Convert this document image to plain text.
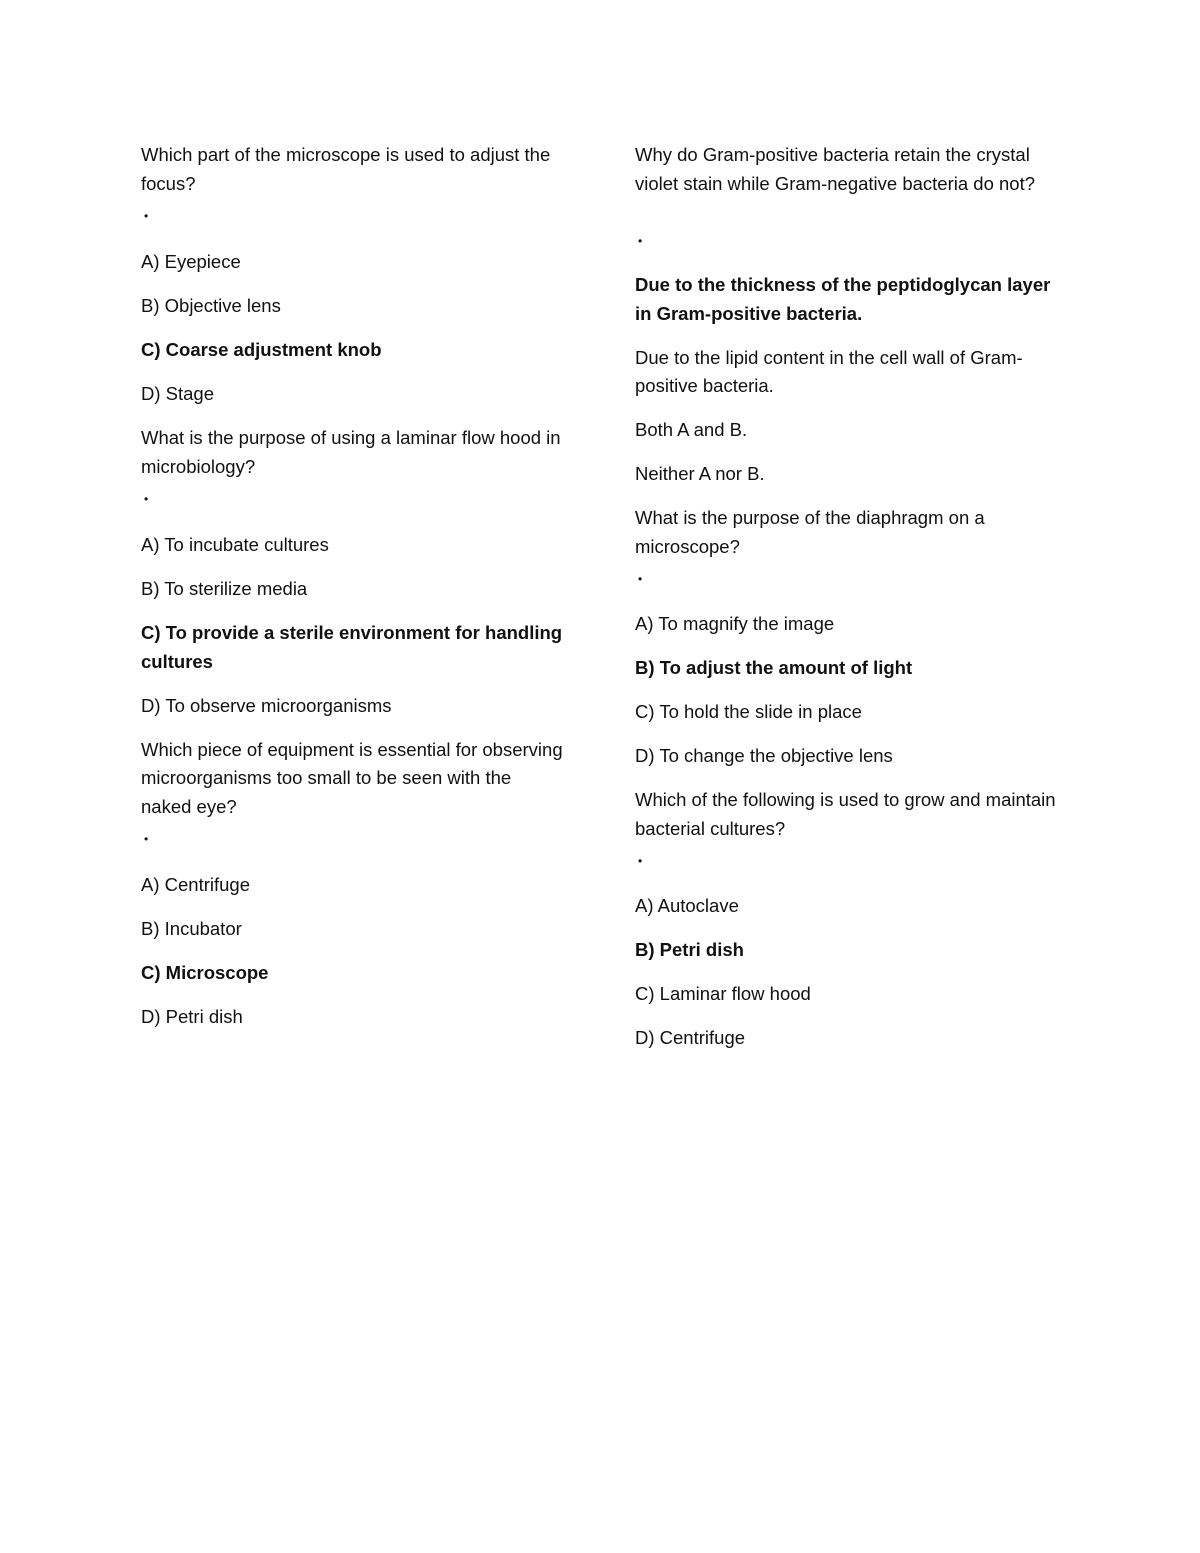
Which part of the microscope is used to adjust the focus?

•

A) Eyepiece

B) Objective lens

C) Coarse adjustment knob

D) Stage

What is the purpose of using a laminar flow hood in microbiology?

•

A) To incubate cultures

B) To sterilize media

C) To provide a sterile environment for handling cultures

D) To observe microorganisms

Which piece of equipment is essential for observing microorganisms too small to be seen with the naked eye?

•

A) Centrifuge

B) Incubator

C) Microscope

D) Petri dish

Why do Gram-positive bacteria retain the crystal violet stain while Gram-negative bacteria do not?

•

Due to the thickness of the peptidoglycan layer in Gram-positive bacteria.

Due to the lipid content in the cell wall of Gram-positive bacteria.

Both A and B.

Neither A nor B.

What is the purpose of the diaphragm on a microscope?

•

A) To magnify the image

B) To adjust the amount of light

C) To hold the slide in place

D) To change the objective lens

Which of the following is used to grow and maintain bacterial cultures?

•

A) Autoclave

B) Petri dish

C) Laminar flow hood

D) Centrifuge
